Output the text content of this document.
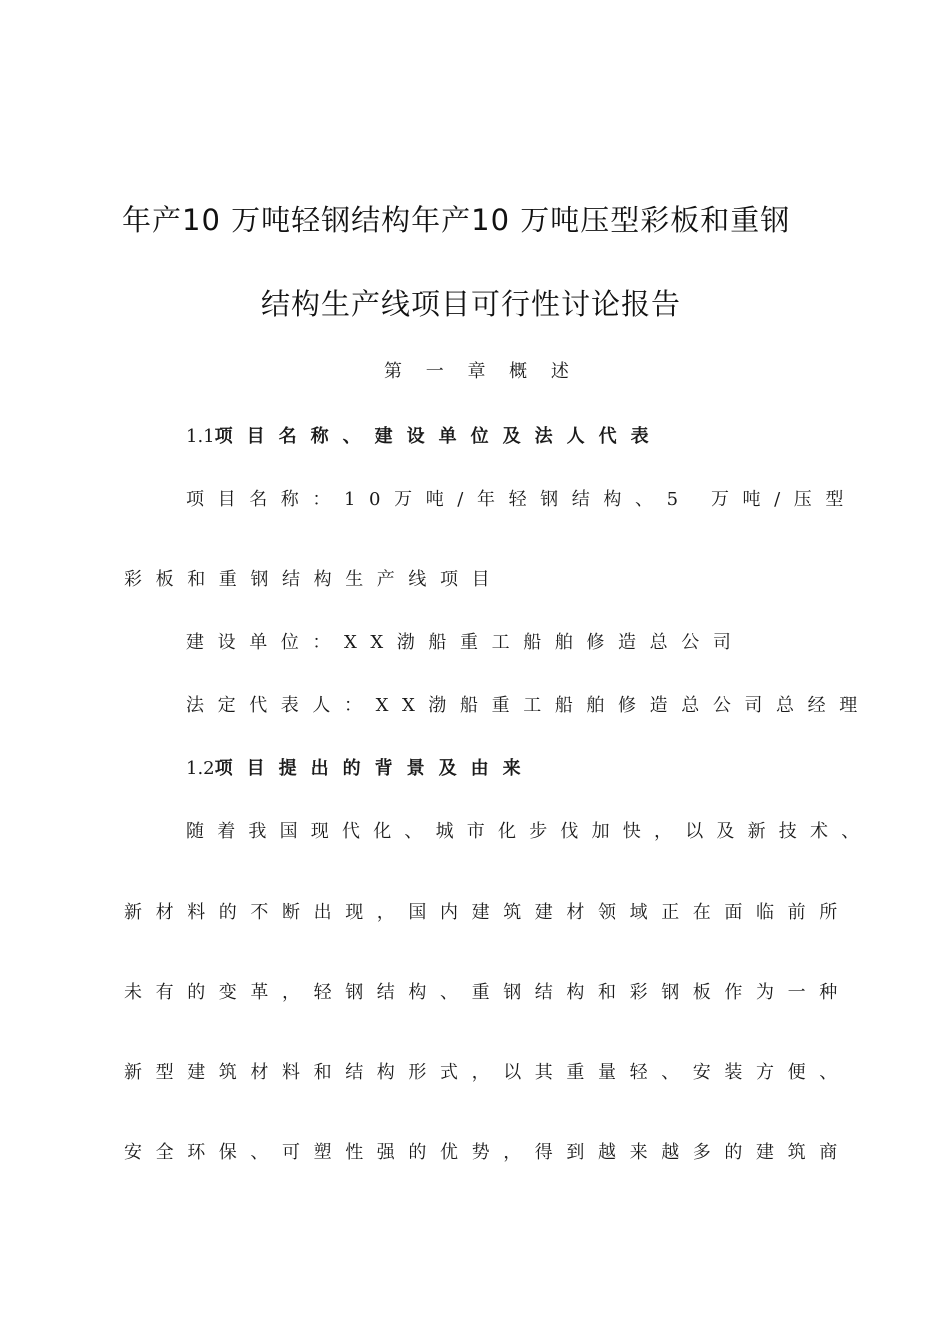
年产10 万吨轻钢结构年产10 万吨压型彩板和重钢
结构生产线项目可行性讨论报告
第 一 章 概 述
1.1项目名称、建设单位及法人代表
项目名称：10万吨/年轻钢结构、5 万吨/压型
彩板和重钢结构生产线项目
建设单位：XX渤船重工船舶修造总公司
法定代表人：XX渤船重工船舶修造总公司总经理
1.2项目提出的背景及由来
随着我国现代化、城市化步伐加快，以及新技术、
新材料的不断出现，国内建筑建材领域正在面临前所
未有的变革，轻钢结构、重钢结构和彩钢板作为一种
新型建筑材料和结构形式，以其重量轻、安装方便、
安全环保、可塑性强的优势，得到越来越多的建筑商
